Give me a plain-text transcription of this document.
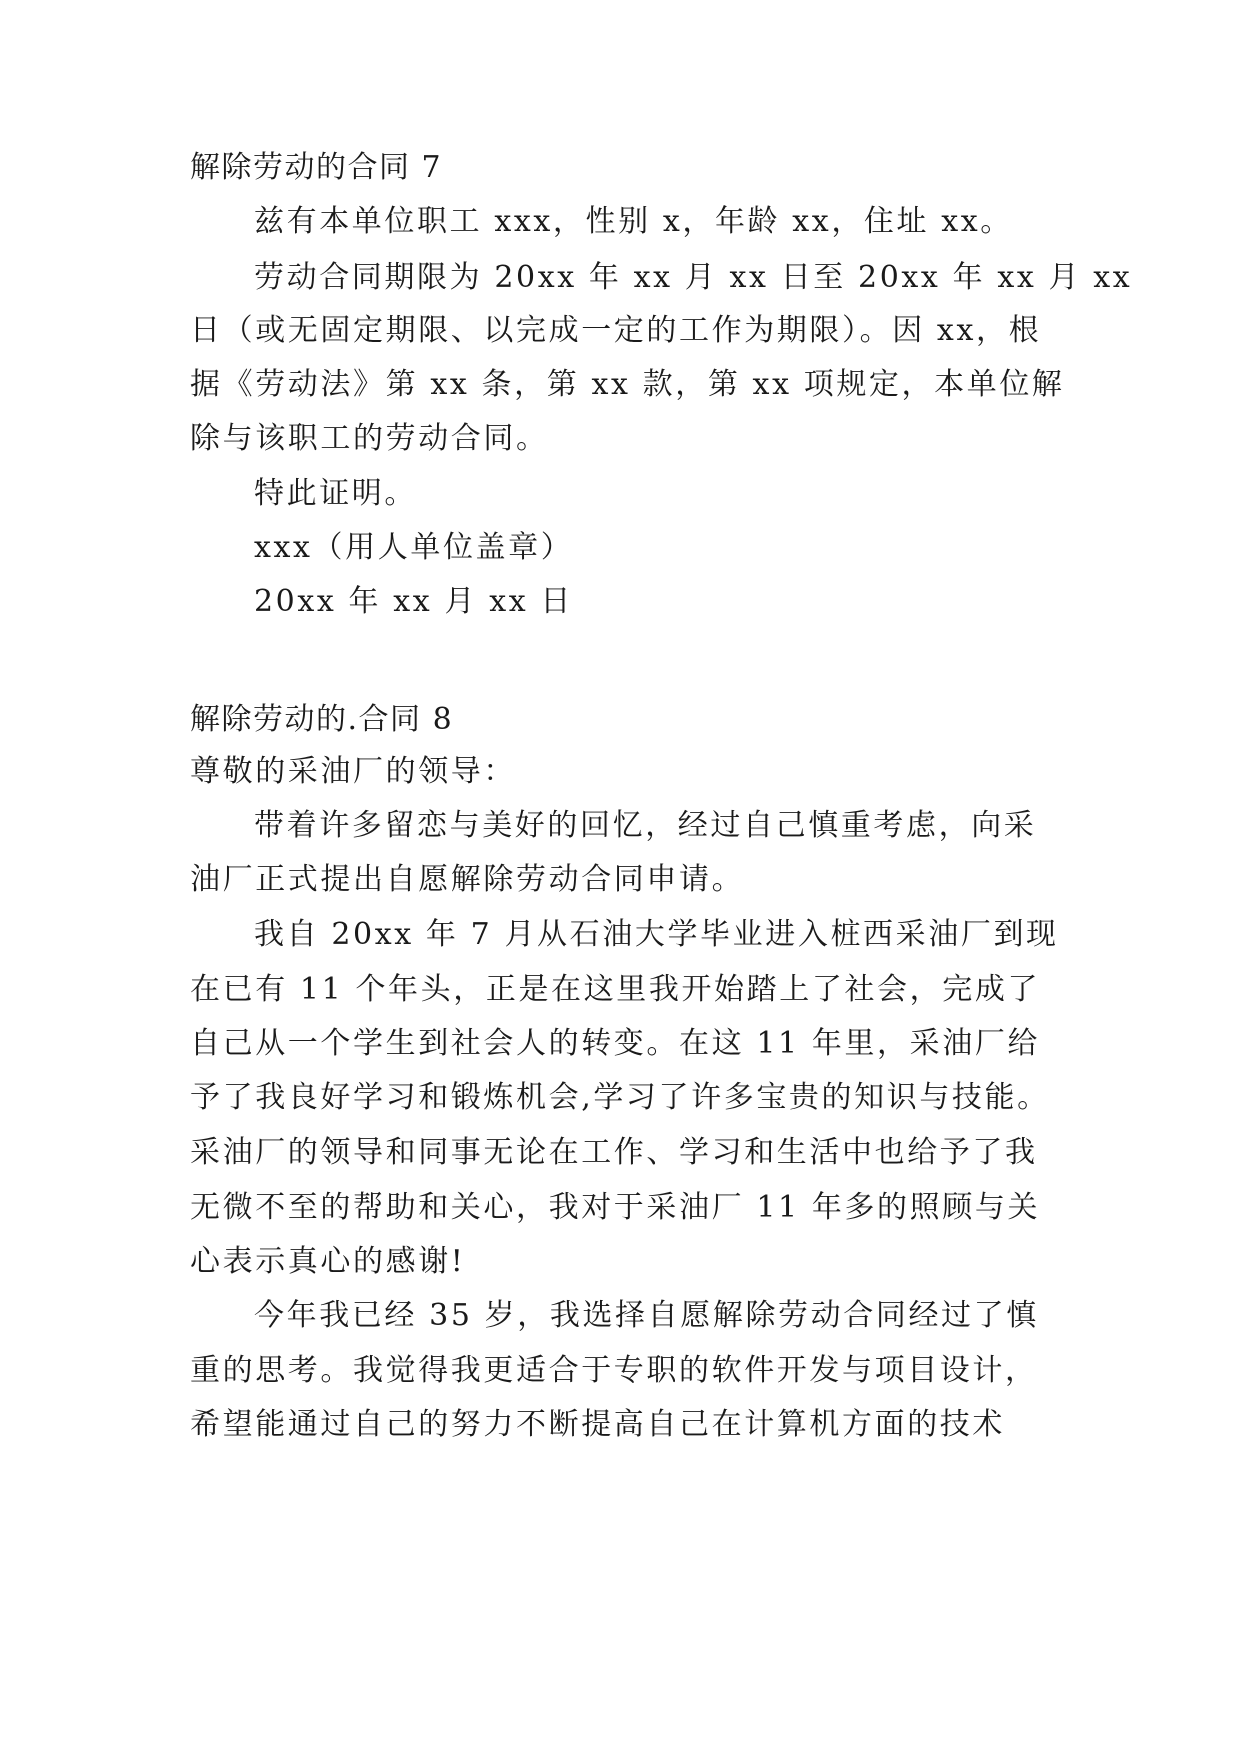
解除劳动的合同 7
兹有本单位职工 xxx，性别 x，年龄 xx，住址 xx。
劳动合同期限为 20xx 年 xx 月 xx 日至 20xx 年 xx 月 xx
日（或无固定期限、以完成一定的工作为期限）。因 xx，根
据《劳动法》第 xx 条，第 xx 款，第 xx 项规定，本单位解
除与该职工的劳动合同。
特此证明。
xxx（用人单位盖章）
20xx 年 xx 月 xx 日
解除劳动的.合同 8
尊敬的采油厂的领导：
带着许多留恋与美好的回忆，经过自己慎重考虑，向采
油厂正式提出自愿解除劳动合同申请。
我自 20xx 年 7 月从石油大学毕业进入桩西采油厂到现
在已有 11 个年头，正是在这里我开始踏上了社会，完成了
自己从一个学生到社会人的转变。在这 11 年里，采油厂给
予了我良好学习和锻炼机会,学习了许多宝贵的知识与技能。
采油厂的领导和同事无论在工作、学习和生活中也给予了我
无微不至的帮助和关心，我对于采油厂 11 年多的照顾与关
心表示真心的感谢!
今年我已经 35 岁，我选择自愿解除劳动合同经过了慎
重的思考。我觉得我更适合于专职的软件开发与项目设计，
希望能通过自己的努力不断提高自己在计算机方面的技术
